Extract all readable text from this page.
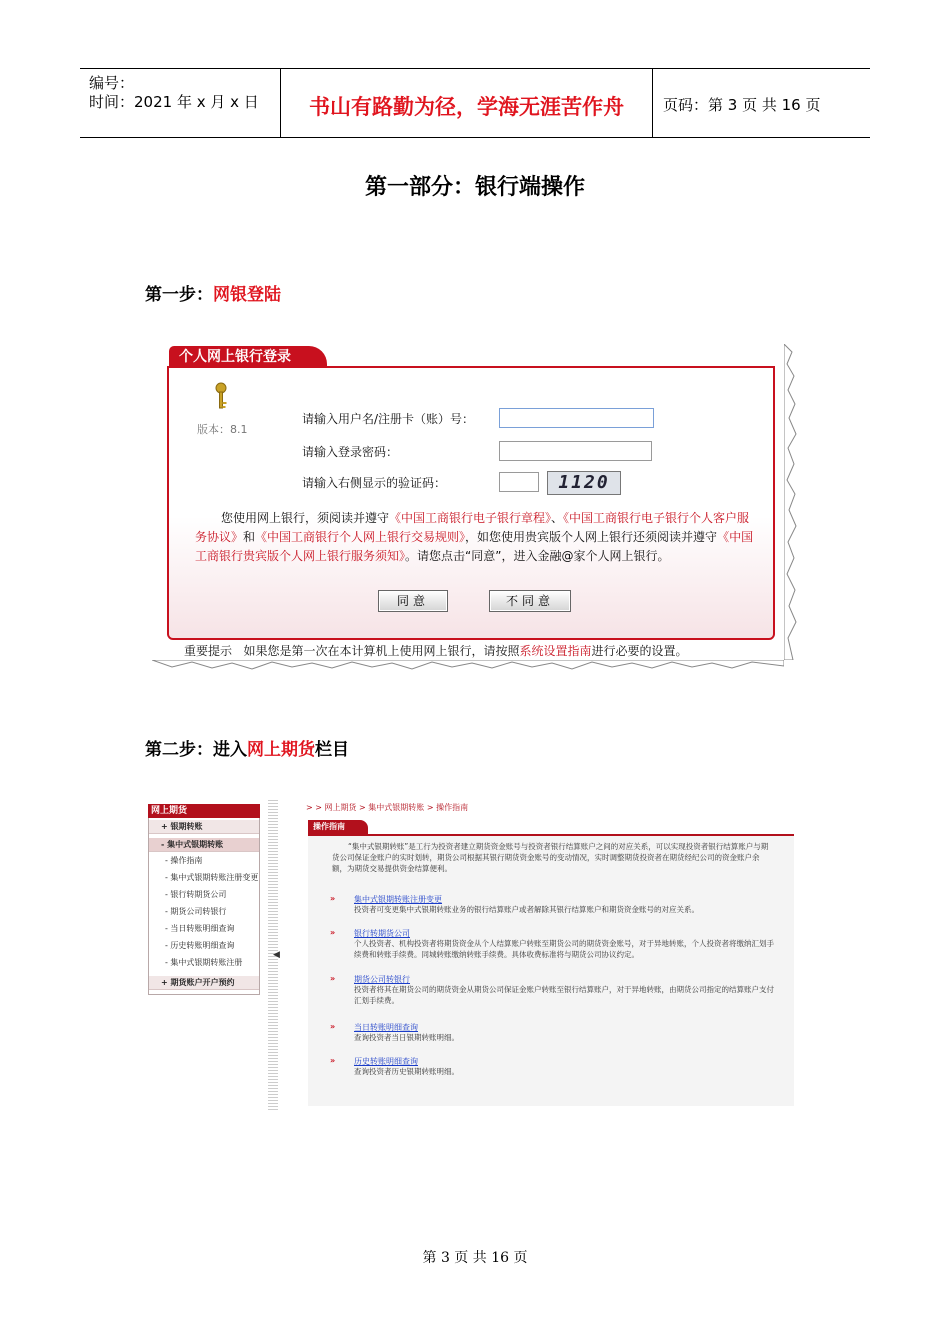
编号：
时间：2021 年 x 月 x 日	书山有路勤为径，学海无涯苦作舟	页码：第 3 页 共 16 页
第一部分：银行端操作
第一步：网银登陆
个人网上银行登录
版本：8.1
请输入用户名/注册卡（账）号：
请输入登录密码：
请输入右侧显示的验证码：	1120
您使用网上银行，须阅读并遵守《中国工商银行电子银行章程》、《中国工商银行电子银行个人客户服务协议》和《中国工商银行个人网上银行交易规则》，如您使用贵宾版个人网上银行还须阅读并遵守《中国工商银行贵宾版个人网上银行服务须知》。请您点击“同意”，进入金融@家个人网上银行。
同意	不同意
重要提示 如果您是第一次在本计算机上使用网上银行，请按照系统设置指南进行必要的设置。
第二步：进入网上期货栏目
网上期货
+ 银期转账
- 集中式银期转账
- 操作指南
- 集中式银期转账注册变更
- 银行转期货公司
- 期货公司转银行
- 当日转账明细查询
- 历史转账明细查询
- 集中式银期转账注册
+ 期货账户开户预约
◀
> > 网上期货 > 集中式银期转账 > 操作指南
操作指南
“集中式银期转账”是工行为投资者建立期货资金账号与投资者银行结算账户之间的对应关系，可以实现投资者银行结算账户与期货公司保证金账户的实时划转，期货公司根据其银行期货资金账号的变动情况，实时调整期货投资者在期货经纪公司的资金账户余额，为期货交易提供资金结算便利。
» 集中式银期转账注册变更
投资者可变更集中式银期转账业务的银行结算账户或者解除其银行结算账户和期货资金账号的对应关系。
» 银行转期货公司
个人投资者、机构投资者将期货资金从个人结算账户转账至期货公司的期货资金账号，对于异地转账，个人投资者将缴纳汇划手续费和转账手续费。同城转账缴纳转账手续费。具体收费标准将与期货公司协议约定。
» 期货公司转银行
投资者将其在期货公司的期货资金从期货公司保证金账户转账至银行结算账户，对于异地转账，由期货公司指定的结算账户支付汇划手续费。
» 当日转账明细查询
查询投资者当日银期转账明细。
» 历史转账明细查询
查询投资者历史银期转账明细。
第 3 页 共 16 页
